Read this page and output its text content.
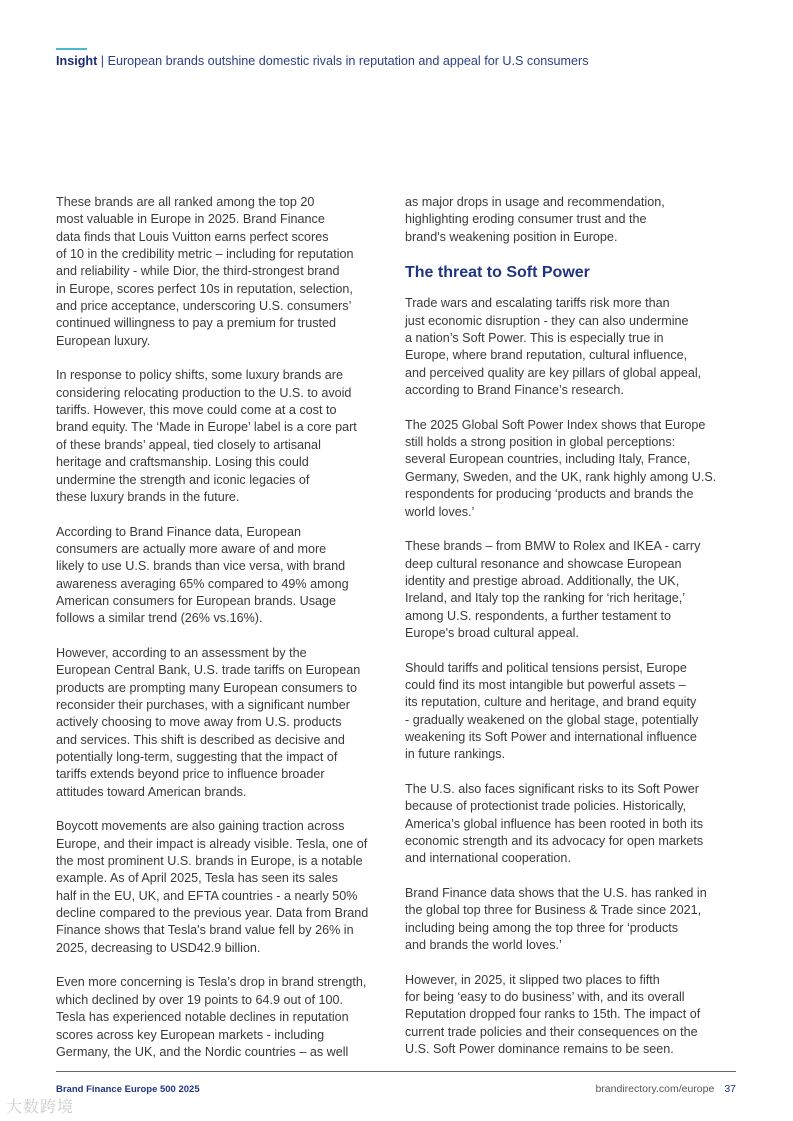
Insight | European brands outshine domestic rivals in reputation and appeal for U.S consumers
These brands are all ranked among the top 20
most valuable in Europe in 2025. Brand Finance
data finds that Louis Vuitton earns perfect scores
of 10 in the credibility metric – including for reputation
and reliability - while Dior, the third-strongest brand
in Europe, scores perfect 10s in reputation, selection,
and price acceptance, underscoring U.S. consumers’
continued willingness to pay a premium for trusted
European luxury.
In response to policy shifts, some luxury brands are
considering relocating production to the U.S. to avoid
tariffs. However, this move could come at a cost to
brand equity. The ‘Made in Europe’ label is a core part
of these brands’ appeal, tied closely to artisanal
heritage and craftsmanship. Losing this could
undermine the strength and iconic legacies of
these luxury brands in the future.
According to Brand Finance data, European
consumers are actually more aware of and more
likely to use U.S. brands than vice versa, with brand
awareness averaging 65% compared to 49% among
American consumers for European brands. Usage
follows a similar trend (26% vs.16%).
However, according to an assessment by the
European Central Bank, U.S. trade tariffs on European
products are prompting many European consumers to
reconsider their purchases, with a significant number
actively choosing to move away from U.S. products
and services. This shift is described as decisive and
potentially long-term, suggesting that the impact of
tariffs extends beyond price to influence broader
attitudes toward American brands.
Boycott movements are also gaining traction across
Europe, and their impact is already visible. Tesla, one of
the most prominent U.S. brands in Europe, is a notable
example. As of April 2025, Tesla has seen its sales
half in the EU, UK, and EFTA countries - a nearly 50%
decline compared to the previous year. Data from Brand
Finance shows that Tesla's brand value fell by 26% in
2025, decreasing to USD42.9 billion.
Even more concerning is Tesla’s drop in brand strength,
which declined by over 19 points to 64.9 out of 100.
Tesla has experienced notable declines in reputation
scores across key European markets - including
Germany, the UK, and the Nordic countries – as well
as major drops in usage and recommendation,
highlighting eroding consumer trust and the
brand's weakening position in Europe.
The threat to Soft Power
Trade wars and escalating tariffs risk more than
just economic disruption - they can also undermine
a nation’s Soft Power. This is especially true in
Europe, where brand reputation, cultural influence,
and perceived quality are key pillars of global appeal,
according to Brand Finance’s research.
The 2025 Global Soft Power Index shows that Europe
still holds a strong position in global perceptions:
several European countries, including Italy, France,
Germany, Sweden, and the UK, rank highly among U.S.
respondents for producing ‘products and brands the
world loves.’
These brands – from BMW to Rolex and IKEA - carry
deep cultural resonance and showcase European
identity and prestige abroad. Additionally, the UK,
Ireland, and Italy top the ranking for ‘rich heritage,’
among U.S. respondents, a further testament to
Europe's broad cultural appeal.
Should tariffs and political tensions persist, Europe
could find its most intangible but powerful assets –
its reputation, culture and heritage, and brand equity
- gradually weakened on the global stage, potentially
weakening its Soft Power and international influence
in future rankings.
The U.S. also faces significant risks to its Soft Power
because of protectionist trade policies. Historically,
America’s global influence has been rooted in both its
economic strength and its advocacy for open markets
and international cooperation.
Brand Finance data shows that the U.S. has ranked in
the global top three for Business & Trade since 2021,
including being among the top three for ‘products
and brands the world loves.’
However, in 2025, it slipped two places to fifth
for being ‘easy to do business’ with, and its overall
Reputation dropped four ranks to 15th. The impact of
current trade policies and their consequences on the
U.S. Soft Power dominance remains to be seen.
Brand Finance Europe 500 2025	brandirectory.com/europe 37
大数跨境
